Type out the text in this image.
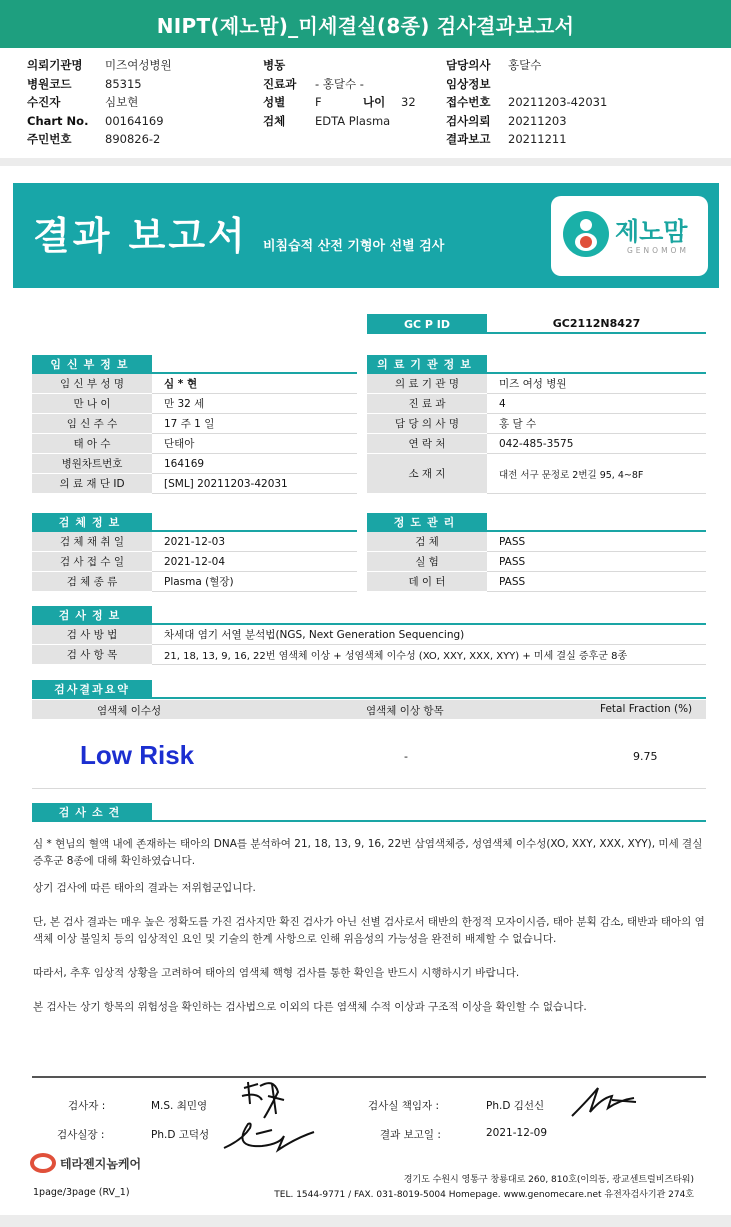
NIPT(제노맘)_미세결실(8종) 검사결과보고서
의뢰기관명	미즈여성병원
병원코드	85315
수진자	심보현
Chart No.	00164169
주민번호	890826-2
병동
진료과	- 홍달수 -
성별	F	나이	32
검체	EDTA Plasma
담당의사	홍달수
임상정보
접수번호	20211203-42031
검사의뢰	20211203
결과보고	20211211
결과 보고서 비침습적 산전 기형아 선별 검사
제노맘
GENOMOM
GC P ID	GC2112N8427
임신부정보	의료기관정보
임 신 부 성 명	심 * 현
만 나 이	만 32 세
임 신 주 수	17 주 1 일
태 아 수	단태아
병원차트번호	164169
의 료 재 단 ID	[SML] 20211203-42031
의 료 기 관 명	미즈 여성 병원
진 료 과	4
담 당 의 사 명	홍 달 수
연 락 처	042-485-3575
소 재 지	대전 서구 문정로 2번길 95, 4~8F
검체정보	정도관리
검 체 채 취 일	2021-12-03
검 사 접 수 일	2021-12-04
검 체 종 류	Plasma (혈장)
검 체	PASS
실 험	PASS
데 이 터	PASS
검사정보
검 사 방 법	차세대 염기 서열 분석법(NGS, Next Generation Sequencing)
검 사 항 목	21, 18, 13, 9, 16, 22번 염색체 이상 + 성염색체 이수성 (XO, XXY, XXX, XYY) + 미세 결실 증후군 8종
검사결과요약
염색체 이수성	염색체 이상 항목	Fetal Fraction (%)
Low Risk	-	9.75
검사소견
심 * 현님의 혈액 내에 존재하는 태아의 DNA를 분석하여 21, 18, 13, 9, 16, 22번 삼염색체증, 성염색체 이수성(XO, XXY, XXX, XYY), 미세 결실 증후군 8종에 대해 확인하였습니다.
상기 검사에 따른 태아의 결과는 저위험군입니다.
단, 본 검사 결과는 매우 높은 정확도를 가진 검사지만 확진 검사가 아닌 선별 검사로서 태반의 한정적 모자이시즘, 태아 분획 감소, 태반과 태아의 염색체 이상 불일치 등의 임상적인 요인 및 기술의 한계 사항으로 인해 위음성의 가능성을 완전히 배제할 수 없습니다.
따라서, 추후 임상적 상황을 고려하여 태아의 염색체 핵형 검사를 통한 확인을 반드시 시행하시기 바랍니다.
본 검사는 상기 항목의 위험성을 확인하는 검사법으로 이외의 다른 염색체 수적 이상과 구조적 이상을 확인할 수 없습니다.
검사자 :	M.S. 최민영	검사실 책임자 :	Ph.D 김선신
검사실장 :	Ph.D 고덕성	결과 보고일 :	2021-12-09
테라젠지놈케어
경기도 수원시 영통구 창룡대로 260, 810호(이의동, 광교센트럴비즈타워)
TEL. 1544-9771 / FAX. 031-8019-5004 Homepage. www.genomecare.net 유전자검사기관 274호
1page/3page (RV_1)
